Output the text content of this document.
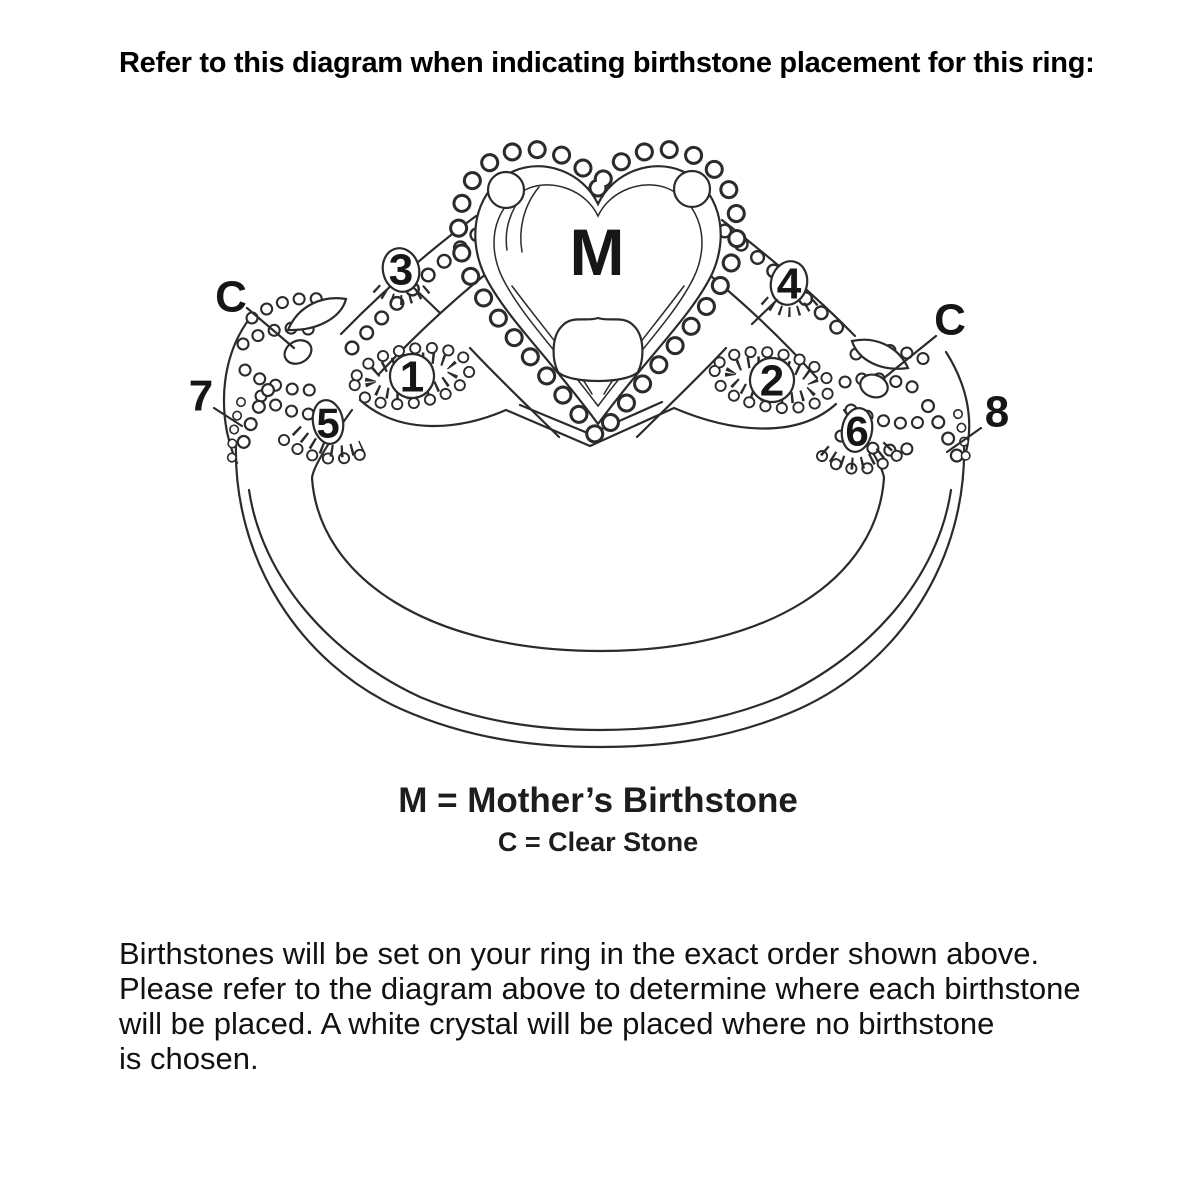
Refer to this diagram when indicating birthstone placement for this ring:
M
1	2
3	4
5	6
7	8
C	C
M = Mother’s Birthstone
C = Clear Stone

Birthstones will be set on your ring in the exact order shown above.
Please refer to the diagram above to determine where each birthstone
will be placed. A white crystal will be placed where no birthstone
is chosen.
